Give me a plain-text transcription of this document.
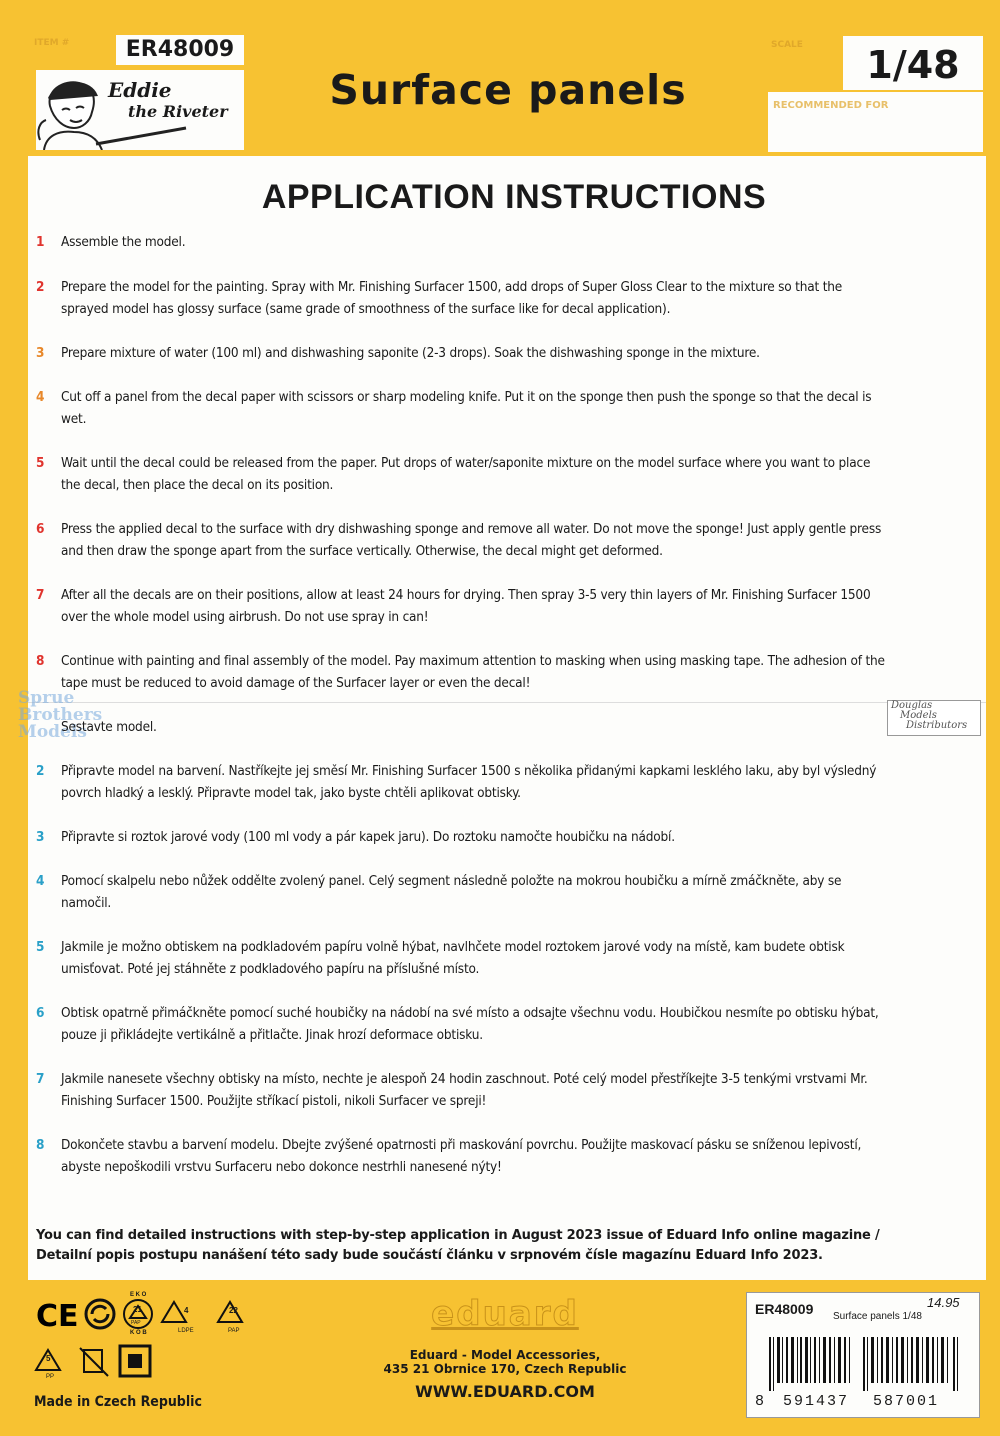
ITEM #	ER48009
Eddie
the Riveter Surface panels
SCALE	1/48
RECOMMENDED FOR
APPLICATION INSTRUCTIONS
1	Assemble the model.
2	Prepare the model for the painting. Spray with Mr. Finishing Surfacer 1500, add drops of Super Gloss Clear to the mixture so that the sprayed model has glossy surface (same grade of smoothness of the surface like for decal application).
3	Prepare mixture of water (100 ml) and dishwashing saponite (2-3 drops). Soak the dishwashing sponge in the mixture.
4	Cut off a panel from the decal paper with scissors or sharp modeling knife. Put it on the sponge then push the sponge so that the decal is wet.
5	Wait until the decal could be released from the paper. Put drops of water/saponite mixture on the model surface where you want to place the decal, then place the decal on its position.
6	Press the applied decal to the surface with dry dishwashing sponge and remove all water. Do not move the sponge! Just apply gentle press and then draw the sponge apart from the surface vertically. Otherwise, the decal might get deformed.
7	After all the decals are on their positions, allow at least 24 hours for drying. Then spray 3-5 very thin layers of Mr. Finishing Surfacer 1500 over the whole model using airbrush. Do not use spray in can!
8	Continue with painting and final assembly of the model. Pay maximum attention to masking when using masking tape. The adhesion of the tape must be reduced to avoid damage of the Surfacer layer or even the decal!
Sprue Brothers Models
Douglas
Models
Distributors
Sestavte model.
2	Připravte model na barvení. Nastříkejte jej směsí Mr. Finishing Surfacer 1500 s několika přidanými kapkami lesklého laku, aby byl výsledný povrch hladký a lesklý. Připravte model tak, jako byste chtěli aplikovat obtisky.
3	Připravte si roztok jarové vody (100 ml vody a pár kapek jaru). Do roztoku namočte houbičku na nádobí.
4	Pomocí skalpelu nebo nůžek oddělte zvolený panel. Celý segment následně položte na mokrou houbičku a mírně zmáčkněte, aby se namočil.
5	Jakmile je možno obtiskem na podkladovém papíru volně hýbat, navlhčete model roztokem jarové vody na místě, kam budete obtisk umisťovat. Poté jej stáhněte z podkladového papíru na příslušné místo.
6	Obtisk opatrně přimáčkněte pomocí suché houbičky na nádobí na své místo a odsajte všechnu vodu. Houbičkou nesmíte po obtisku hýbat, pouze ji přikládejte vertikálně a přitlačte. Jinak hrozí deformace obtisku.
7	Jakmile nanesete všechny obtisky na místo, nechte je alespoň 24 hodin zaschnout. Poté celý model přestříkejte 3-5 tenkými vrstvami Mr. Finishing Surfacer 1500. Použijte stříkací pistoli, nikoli Surfacer ve spreji!
8	Dokončete stavbu a barvení modelu. Dbejte zvýšené opatrnosti při maskování povrchu. Použijte maskovací pásku se sníženou lepivostí, abyste nepoškodili vrstvu Surfaceru nebo dokonce nestrhli nanesené nýty!
You can find detailed instructions with step-by-step application in August 2023 issue of Eduard Info online magazine / Detailní popis postupu nanášení této sady bude součástí článku v srpnovém čísle magazínu Eduard Info 2023.
CE
E K O
K O B
21
PAP
4
LDPE
22
PAP
5
PP
Made in Czech Republic
eduard
Eduard - Model Accessories,
435 21 Obrnice 170, Czech Republic
WWW.EDUARD.COM
ER48009 Surface panels 1/48
14.95
8 591437 587001
